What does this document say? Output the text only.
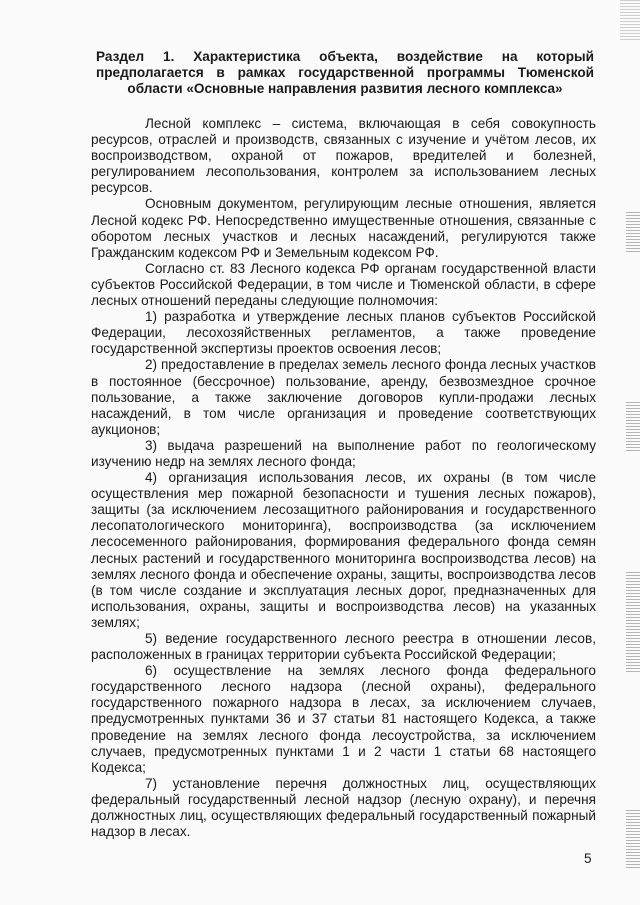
Раздел 1. Характеристика объекта, воздействие на который предполагается в рамках государственной программы Тюменской области «Основные направления развития лесного комплекса»

Лесной комплекс – система, включающая в себя совокупность ресурсов, отраслей и производств, связанных с изучение и учётом лесов, их воспроизводством, охраной от пожаров, вредителей и болезней, регулированием лесопользования, контролем за использованием лесных ресурсов.

Основным документом, регулирующим лесные отношения, является Лесной кодекс РФ. Непосредственно имущественные отношения, связанные с оборотом лесных участков и лесных насаждений, регулируются также Гражданским кодексом РФ и Земельным кодексом РФ.

Согласно ст. 83 Лесного кодекса РФ органам государственной власти субъектов Российской Федерации, в том числе и Тюменской области, в сфере лесных отношений переданы следующие полномочия:

1) разработка и утверждение лесных планов субъектов Российской Федерации, лесохозяйственных регламентов, а также проведение государственной экспертизы проектов освоения лесов;

2) предоставление в пределах земель лесного фонда лесных участков в постоянное (бессрочное) пользование, аренду, безвозмездное срочное пользование, а также заключение договоров купли-продажи лесных насаждений, в том числе организация и проведение соответствующих аукционов;

3) выдача разрешений на выполнение работ по геологическому изучению недр на землях лесного фонда;

4) организация использования лесов, их охраны (в том числе осуществления мер пожарной безопасности и тушения лесных пожаров), защиты (за исключением лесозащитного районирования и государственного лесопатологического мониторинга), воспроизводства (за исключением лесосеменного районирования, формирования федерального фонда семян лесных растений и государственного мониторинга воспроизводства лесов) на землях лесного фонда и обеспечение охраны, защиты, воспроизводства лесов (в том числе создание и эксплуатация лесных дорог, предназначенных для использования, охраны, защиты и воспроизводства лесов) на указанных землях;

5) ведение государственного лесного реестра в отношении лесов, расположенных в границах территории субъекта Российской Федерации;

6) осуществление на землях лесного фонда федерального государственного лесного надзора (лесной охраны), федерального государственного пожарного надзора в лесах, за исключением случаев, предусмотренных пунктами 36 и 37 статьи 81 настоящего Кодекса, а также проведение на землях лесного фонда лесоустройства, за исключением случаев, предусмотренных пунктами 1 и 2 части 1 статьи 68 настоящего Кодекса;

7) установление перечня должностных лиц, осуществляющих федеральный государственный лесной надзор (лесную охрану), и перечня должностных лиц, осуществляющих федеральный государственный пожарный надзор в лесах.

5
